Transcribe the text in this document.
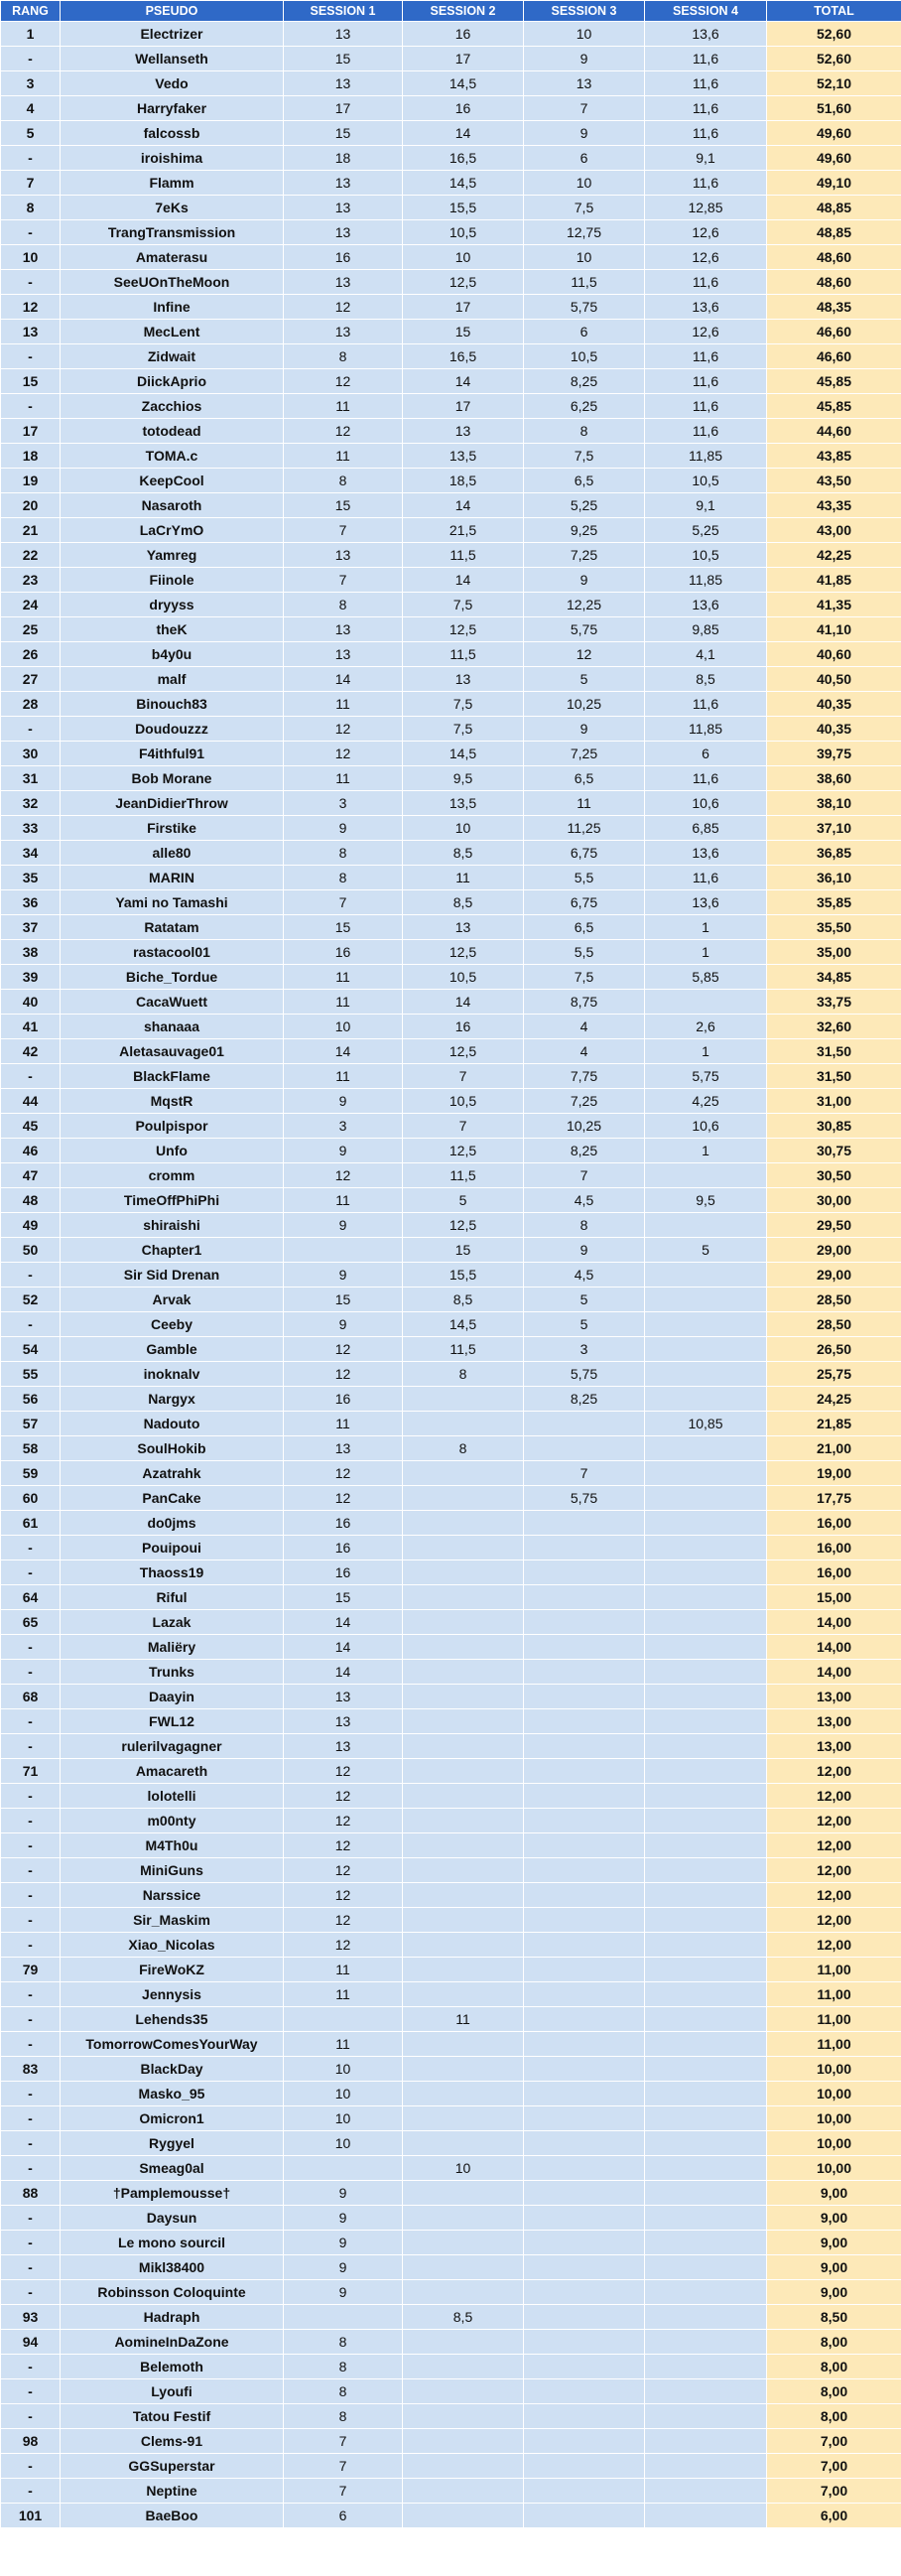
RANG	PSEUDO	SESSION 1	SESSION 2	SESSION 3	SESSION 4	TOTAL
1	Electrizer	13	16	10	13,6	52,60
-	Wellanseth	15	17	9	11,6	52,60
3	Vedo	13	14,5	13	11,6	52,10
4	Harryfaker	17	16	7	11,6	51,60
5	falcossb	15	14	9	11,6	49,60
-	iroishima	18	16,5	6	9,1	49,60
7	Flamm	13	14,5	10	11,6	49,10
8	7eKs	13	15,5	7,5	12,85	48,85
-	TrangTransmission	13	10,5	12,75	12,6	48,85
10	Amaterasu	16	10	10	12,6	48,60
-	SeeUOnTheMoon	13	12,5	11,5	11,6	48,60
12	Infine	12	17	5,75	13,6	48,35
13	MecLent	13	15	6	12,6	46,60
-	Zidwait	8	16,5	10,5	11,6	46,60
15	DiickAprio	12	14	8,25	11,6	45,85
-	Zacchios	11	17	6,25	11,6	45,85
17	totodead	12	13	8	11,6	44,60
18	TOMA.c	11	13,5	7,5	11,85	43,85
19	KeepCool	8	18,5	6,5	10,5	43,50
20	Nasaroth	15	14	5,25	9,1	43,35
21	LaCrYmO	7	21,5	9,25	5,25	43,00
22	Yamreg	13	11,5	7,25	10,5	42,25
23	Fiinole	7	14	9	11,85	41,85
24	dryyss	8	7,5	12,25	13,6	41,35
25	theK	13	12,5	5,75	9,85	41,10
26	b4y0u	13	11,5	12	4,1	40,60
27	malf	14	13	5	8,5	40,50
28	Binouch83	11	7,5	10,25	11,6	40,35
-	Doudouzzz	12	7,5	9	11,85	40,35
30	F4ithful91	12	14,5	7,25	6	39,75
31	Bob Morane	11	9,5	6,5	11,6	38,60
32	JeanDidierThrow	3	13,5	11	10,6	38,10
33	Firstike	9	10	11,25	6,85	37,10
34	alle80	8	8,5	6,75	13,6	36,85
35	MARIN	8	11	5,5	11,6	36,10
36	Yami no Tamashi	7	8,5	6,75	13,6	35,85
37	Ratatam	15	13	6,5	1	35,50
38	rastacool01	16	12,5	5,5	1	35,00
39	Biche_Tordue	11	10,5	7,5	5,85	34,85
40	CacaWuett	11	14	8,75		33,75
41	shanaaa	10	16	4	2,6	32,60
42	Aletasauvage01	14	12,5	4	1	31,50
-	BlackFlame	11	7	7,75	5,75	31,50
44	MqstR	9	10,5	7,25	4,25	31,00
45	Poulpispor	3	7	10,25	10,6	30,85
46	Unfo	9	12,5	8,25	1	30,75
47	cromm	12	11,5	7		30,50
48	TimeOffPhiPhi	11	5	4,5	9,5	30,00
49	shiraishi	9	12,5	8		29,50
50	Chapter1		15	9	5	29,00
-	Sir Sid Drenan	9	15,5	4,5		29,00
52	Arvak	15	8,5	5		28,50
-	Ceeby	9	14,5	5		28,50
54	Gamble	12	11,5	3		26,50
55	inoknalv	12	8	5,75		25,75
56	Nargyx	16		8,25		24,25
57	Nadouto	11			10,85	21,85
58	SoulHokib	13	8			21,00
59	Azatrahk	12		7		19,00
60	PanCake	12		5,75		17,75
61	do0jms	16				16,00
-	Pouipoui	16				16,00
-	Thaoss19	16				16,00
64	Riful	15				15,00
65	Lazak	14				14,00
-	Maliëry	14				14,00
-	Trunks	14				14,00
68	Daayin	13				13,00
-	FWL12	13				13,00
-	rulerilvagagner	13				13,00
71	Amacareth	12				12,00
-	lolotelli	12				12,00
-	m00nty	12				12,00
-	M4Th0u	12				12,00
-	MiniGuns	12				12,00
-	Narssice	12				12,00
-	Sir_Maskim	12				12,00
-	Xiao_Nicolas	12				12,00
79	FireWoKZ	11				11,00
-	Jennysis	11				11,00
-	Lehends35		11			11,00
-	TomorrowComesYourWay	11				11,00
83	BlackDay	10				10,00
-	Masko_95	10				10,00
-	Omicron1	10				10,00
-	Rygyel	10				10,00
-	Smeag0al		10			10,00
88	†Pamplemousse†	9				9,00
-	Daysun	9				9,00
-	Le mono sourcil	9				9,00
-	Mikl38400	9				9,00
-	Robinsson Coloquinte	9				9,00
93	Hadraph		8,5			8,50
94	AomineInDaZone	8				8,00
-	Belemoth	8				8,00
-	Lyoufi	8				8,00
-	Tatou Festif	8				8,00
98	Clems-91	7				7,00
-	GGSuperstar	7				7,00
-	Neptine	7				7,00
101	BaeBoo	6				6,00
